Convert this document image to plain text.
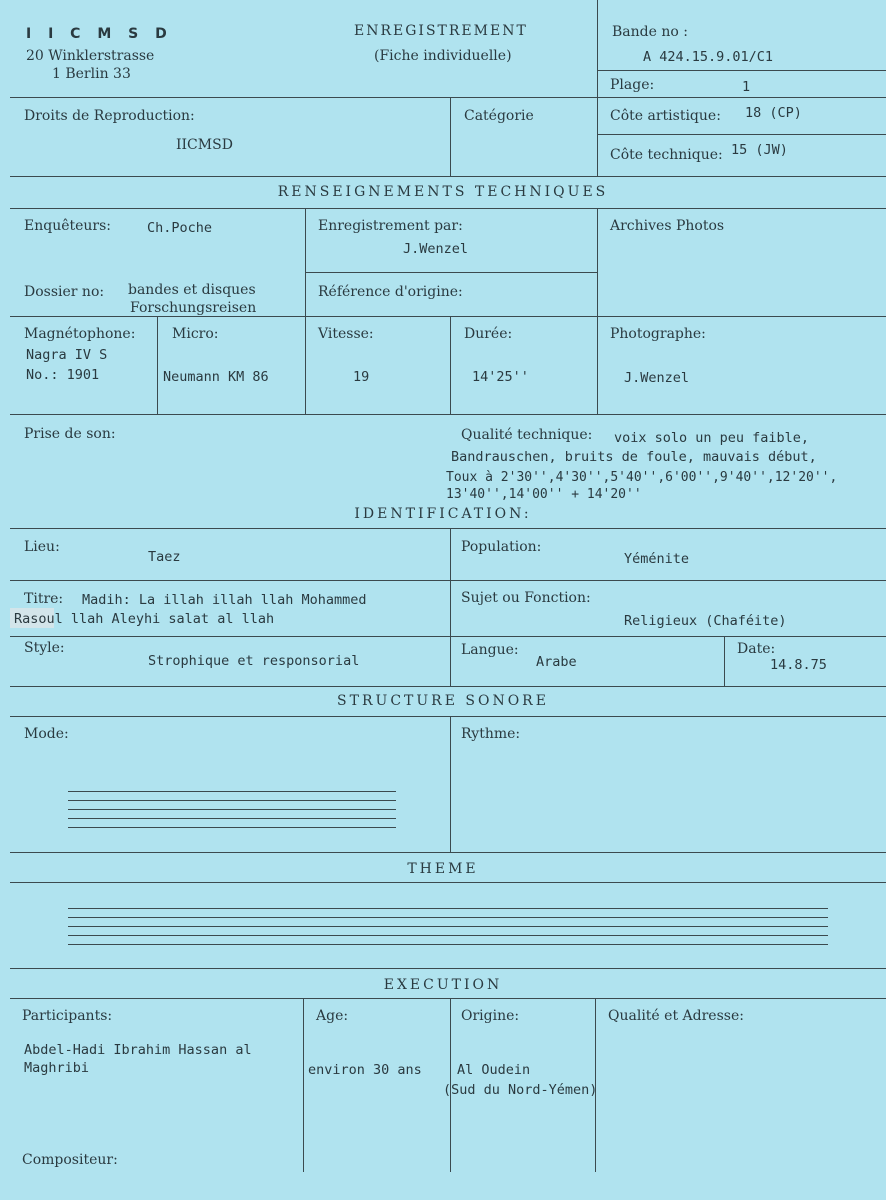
I I C M S D
20 Winklerstrasse
1 Berlin 33
ENREGISTREMENT
(Fiche individuelle)
Bande no :
A 424.15.9.01/C1
Plage:	1
Droits de Reproduction:
IICMSD
Catégorie	Côte artistique: 18 (CP)
Côte technique: 15 (JW)
RENSEIGNEMENTS TECHNIQUES
Enquêteurs:	Ch.Poche	Enregistrement par:
J.Wenzel
Archives Photos
Dossier no: bandes et disques
Forschungsreisen
Référence d'origine:
Magnétophone:
Nagra IV S
No.: 1901
Micro:
Neumann KM 86
Vitesse:
19
Durée:
14'25''
Photographe:
J.Wenzel
Prise de son:	Qualité technique: voix solo un peu faible,
Bandrauschen, bruits de foule, mauvais début,
Toux à 2'30'',4'30'',5'40'',6'00'',9'40'',12'20'',
13'40'',14'00'' + 14'20''
IDENTIFICATION:
Lieu:
Taez
Population:
Yéménite
Titre: Madih: La illah illah llah Mohammed
Rasoul llah Aleyhi salat al llah
Sujet ou Fonction:
Religieux (Chaféite)
Style:
Strophique et responsorial
Langue:
Arabe
Date:
14.8.75
STRUCTURE SONORE
Mode:	Rythme:
THEME
EXECUTION
Participants:
Abdel-Hadi Ibrahim Hassan al
Maghribi
Age:
environ 30 ans
Origine:
Al Oudein
(Sud du Nord-Yémen)
Qualité et Adresse:
Compositeur:
